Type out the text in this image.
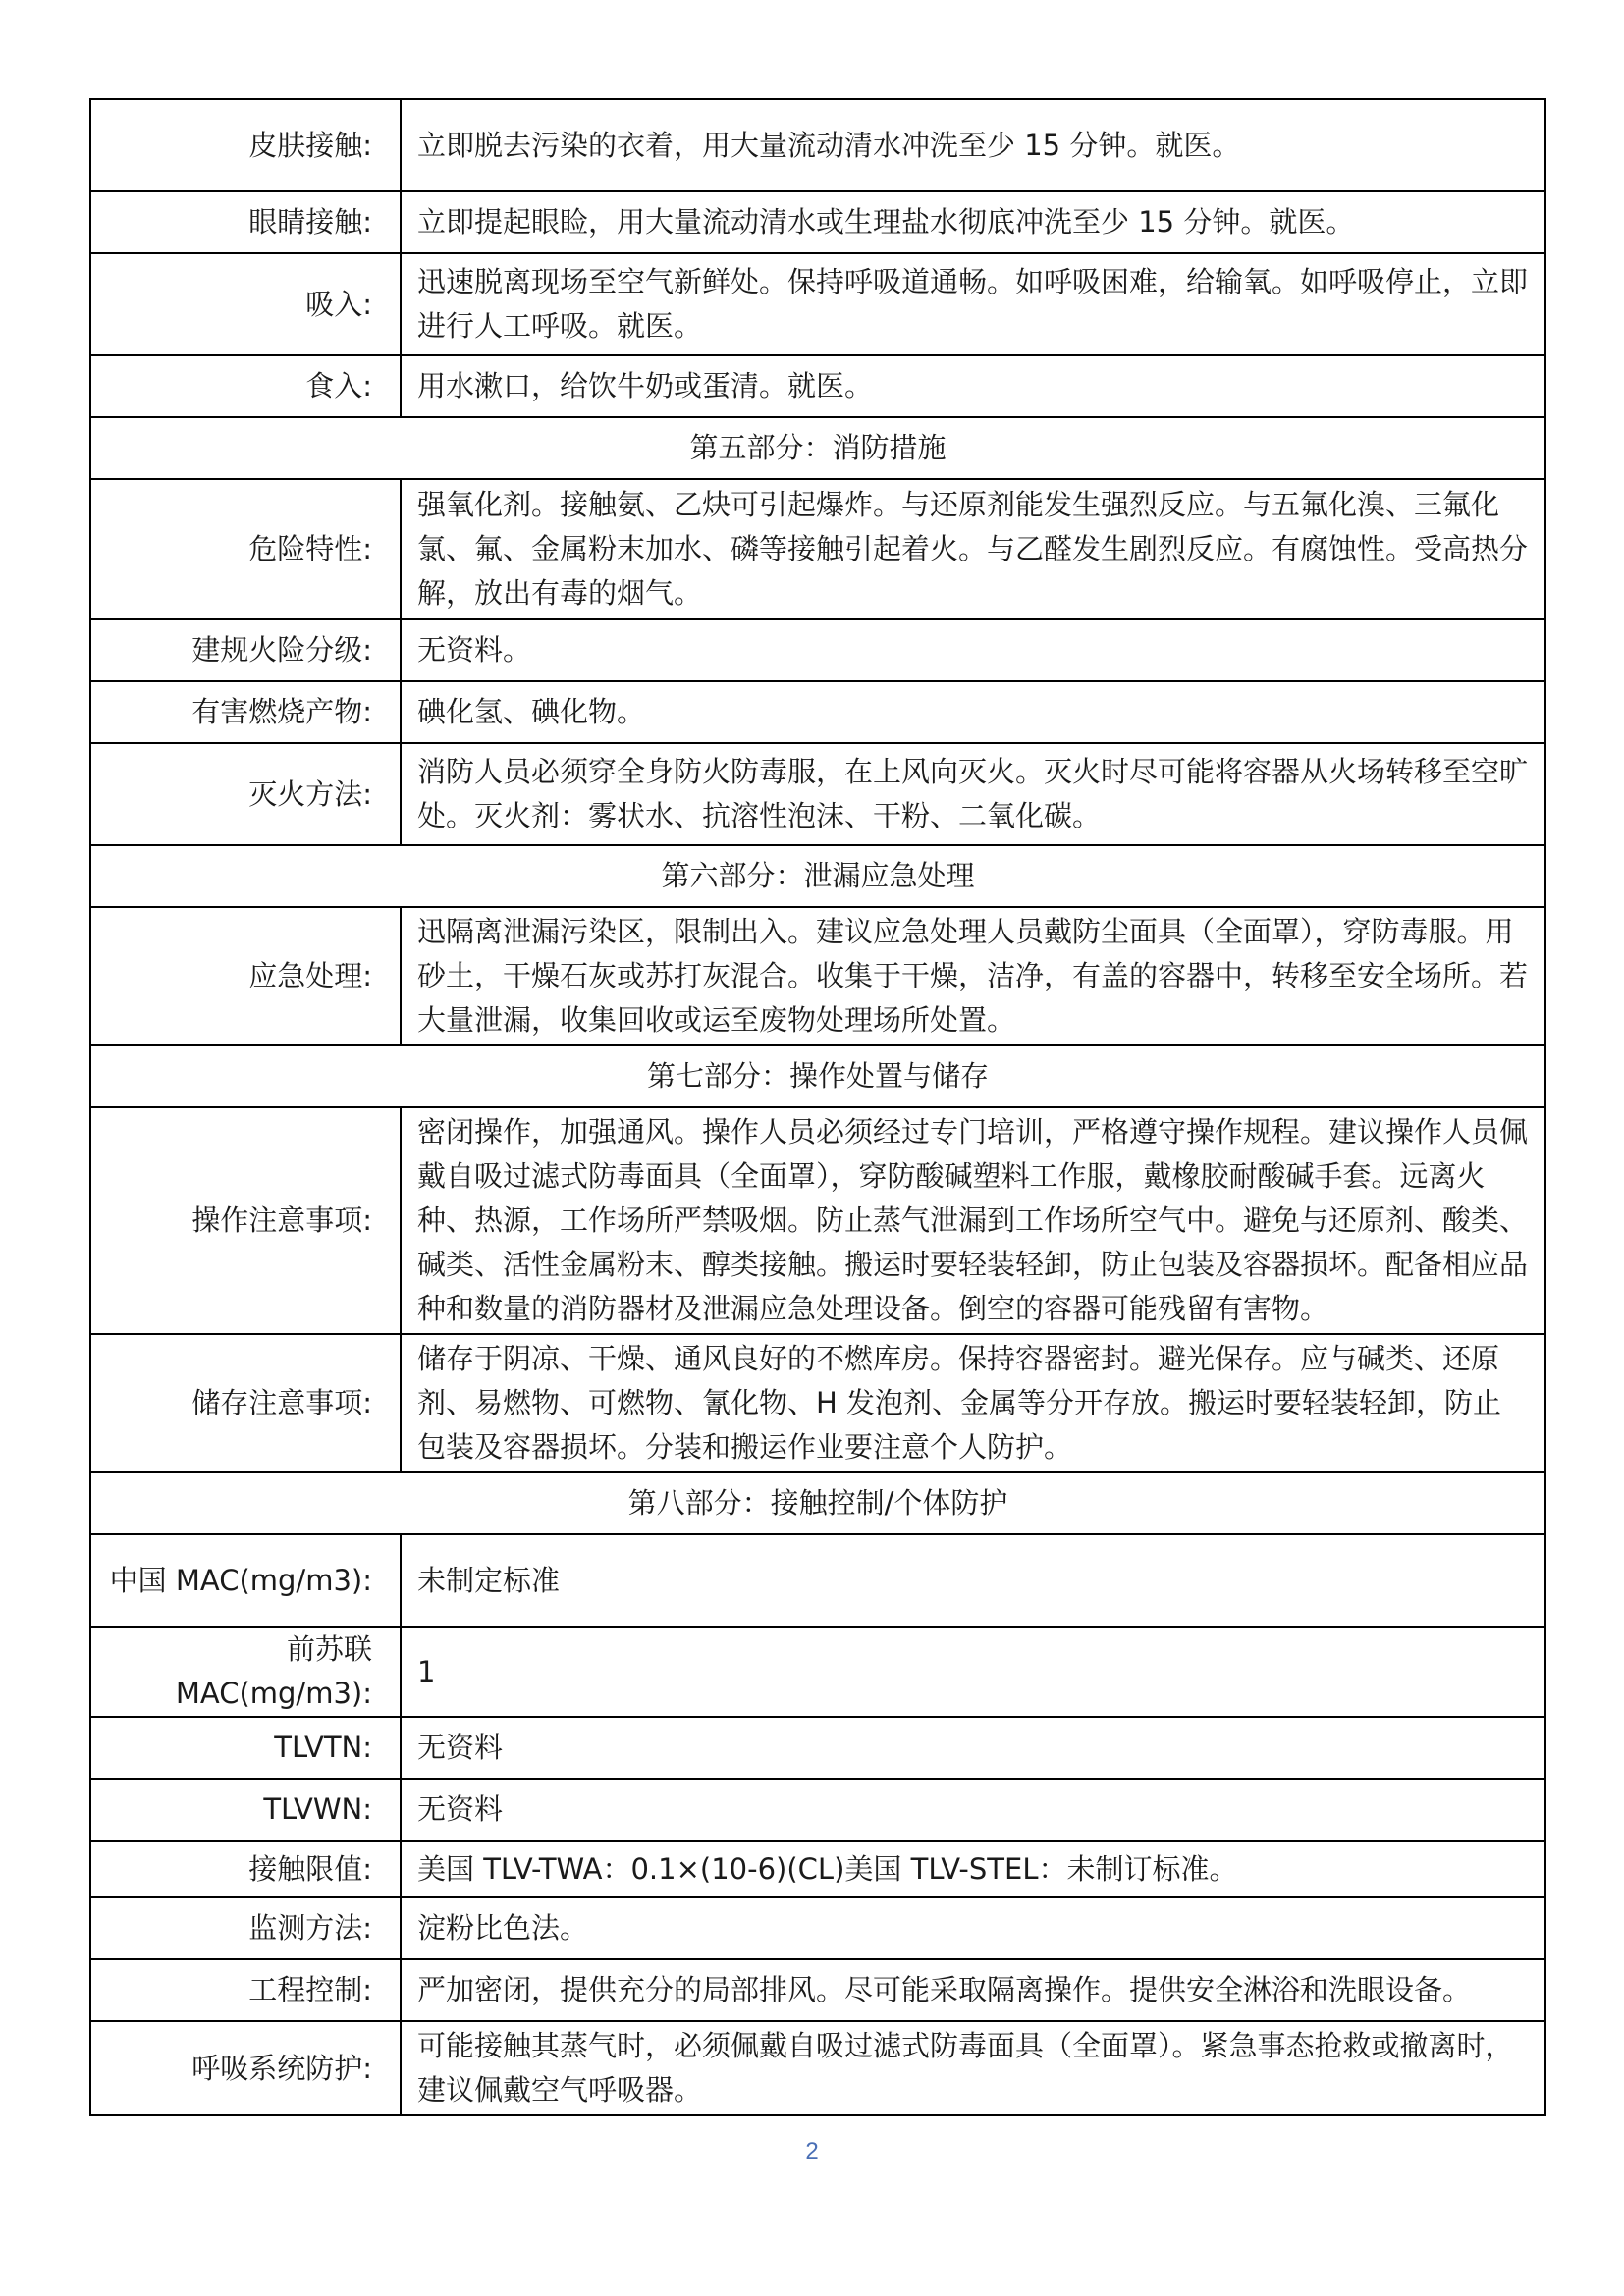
皮肤接触:	立即脱去污染的衣着，用大量流动清水冲洗至少 15 分钟。就医。
眼睛接触:	立即提起眼睑，用大量流动清水或生理盐水彻底冲洗至少 15 分钟。就医。
吸入:	迅速脱离现场至空气新鲜处。保持呼吸道通畅。如呼吸困难，给输氧。如呼吸停止，立即进行人工呼吸。就医。
食入:	用水漱口，给饮牛奶或蛋清。就医。
第五部分：消防措施	
危险特性:	强氧化剂。接触氨、乙炔可引起爆炸。与还原剂能发生强烈反应。与五氟化溴、三氟化氯、氟、金属粉末加水、磷等接触引起着火。与乙醛发生剧烈反应。有腐蚀性。受高热分解，放出有毒的烟气。
建规火险分级:	无资料。
有害燃烧产物:	碘化氢、碘化物。
灭火方法:	消防人员必须穿全身防火防毒服，在上风向灭火。灭火时尽可能将容器从火场转移至空旷处。灭火剂：雾状水、抗溶性泡沫、干粉、二氧化碳。
第六部分：泄漏应急处理	
应急处理:	迅隔离泄漏污染区，限制出入。建议应急处理人员戴防尘面具（全面罩），穿防毒服。用砂土，干燥石灰或苏打灰混合。收集于干燥，洁净，有盖的容器中，转移至安全场所。若大量泄漏，收集回收或运至废物处理场所处置。
第七部分：操作处置与储存	
操作注意事项:	密闭操作，加强通风。操作人员必须经过专门培训，严格遵守操作规程。建议操作人员佩戴自吸过滤式防毒面具（全面罩），穿防酸碱塑料工作服，戴橡胶耐酸碱手套。远离火种、热源，工作场所严禁吸烟。防止蒸气泄漏到工作场所空气中。避免与还原剂、酸类、碱类、活性金属粉末、醇类接触。搬运时要轻装轻卸，防止包装及容器损坏。配备相应品种和数量的消防器材及泄漏应急处理设备。倒空的容器可能残留有害物。
储存注意事项:	储存于阴凉、干燥、通风良好的不燃库房。保持容器密封。避光保存。应与碱类、还原剂、易燃物、可燃物、氰化物、H 发泡剂、金属等分开存放。搬运时要轻装轻卸，防止包装及容器损坏。分装和搬运作业要注意个人防护。
第八部分：接触控制/个体防护	
中国 MAC(mg/m3):	未制定标准
前苏联 MAC(mg/m3):	1
TLVTN:	无资料
TLVWN:	无资料
接触限值:	美国 TLV-TWA：0.1×(10-6)(CL)美国 TLV-STEL：未制订标准。
监测方法:	淀粉比色法。
工程控制:	严加密闭，提供充分的局部排风。尽可能采取隔离操作。提供安全淋浴和洗眼设备。
呼吸系统防护:	可能接触其蒸气时，必须佩戴自吸过滤式防毒面具（全面罩）。紧急事态抢救或撤离时，建议佩戴空气呼吸器。
2
